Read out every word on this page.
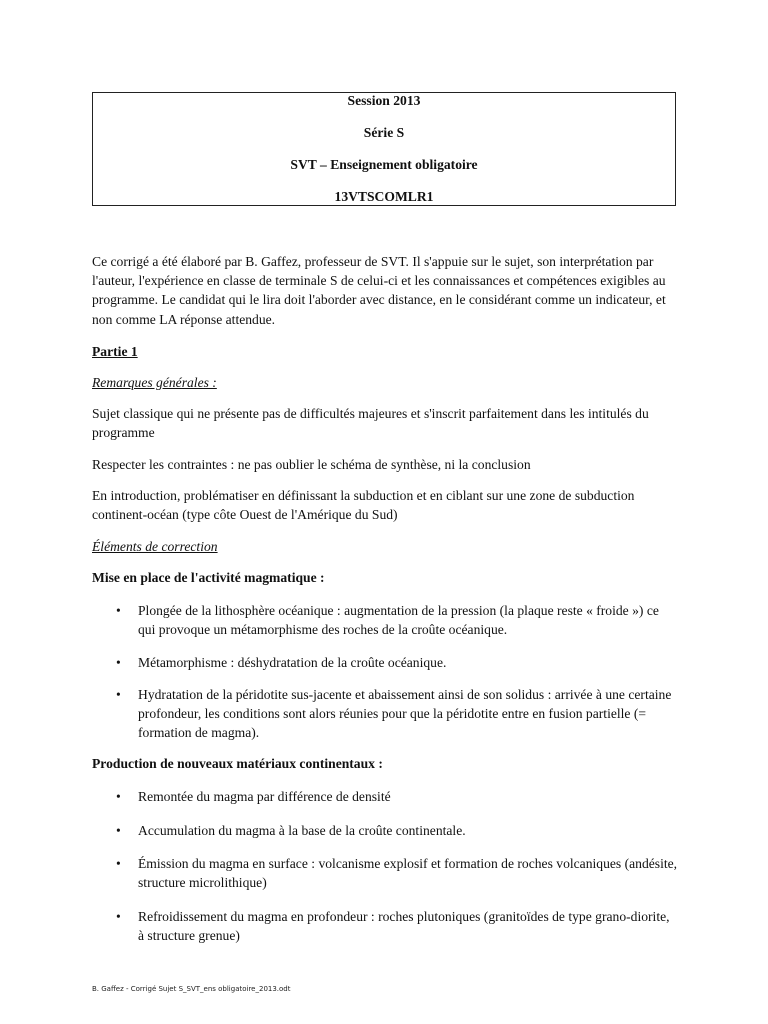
Session 2013
Série S
SVT – Enseignement obligatoire
13VTSCOMLR1

Ce corrigé a été élaboré par B. Gaffez, professeur de SVT. Il s'appuie sur le sujet, son interprétation par l'auteur, l'expérience en classe de terminale S de celui-ci et les connaissances et compétences exigibles au programme. Le candidat qui le lira doit l'aborder avec distance, en le considérant comme un indicateur, et non comme LA réponse attendue.

Partie 1

Remarques générales :

Sujet classique qui ne présente pas de difficultés majeures et s'inscrit parfaitement dans les intitulés du programme

Respecter les contraintes : ne pas oublier le schéma de synthèse, ni la conclusion

En introduction, problématiser en définissant la subduction et en ciblant sur une zone de subduction continent-océan (type côte Ouest de l'Amérique du Sud)

Éléments de correction

Mise en place de l'activité magmatique :

• Plongée de la lithosphère océanique : augmentation de la pression (la plaque reste « froide ») ce qui provoque un métamorphisme des roches de la croûte océanique.
• Métamorphisme : déshydratation de la croûte océanique.
• Hydratation de la péridotite sus-jacente et abaissement ainsi de son solidus : arrivée à une certaine profondeur, les conditions sont alors réunies pour que la péridotite entre en fusion partielle (= formation de magma).

Production de nouveaux matériaux continentaux :

• Remontée du magma par différence de densité
• Accumulation du magma à la base de la croûte continentale.
• Émission du magma en surface : volcanisme explosif et formation de roches volcaniques (andésite, structure microlithique)
• Refroidissement du magma en profondeur : roches plutoniques (granitoïdes de type grano-diorite, à structure grenue)
B. Gaffez - Corrigé Sujet S_SVT_ens obligatoire_2013.odt
